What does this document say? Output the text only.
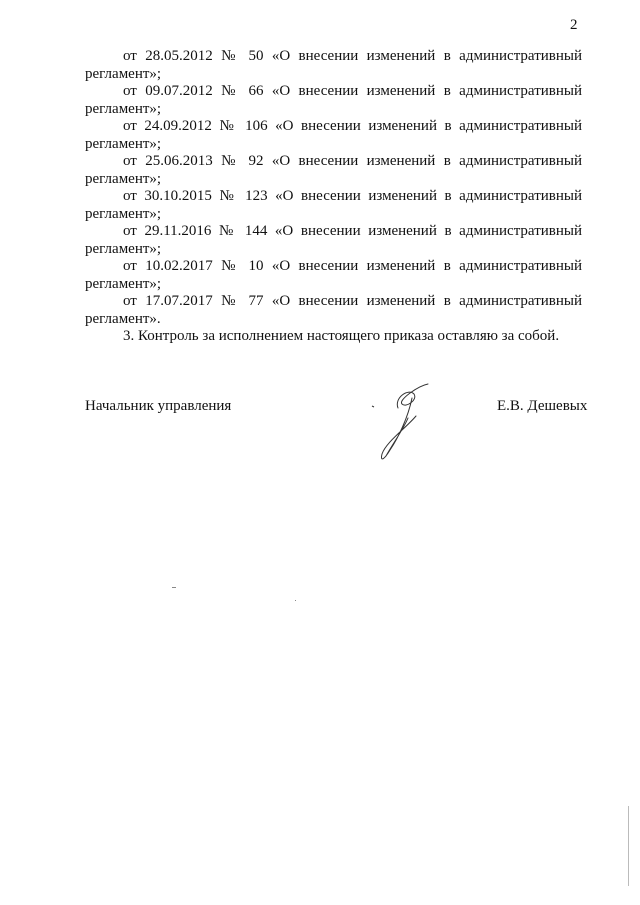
2
от 28.05.2012 № 50 «О внесении изменений в административный
регламент»;
от 09.07.2012 № 66 «О внесении изменений в административный
регламент»;
от 24.09.2012 № 106 «О внесении изменений в административный
регламент»;
от 25.06.2013 № 92 «О внесении изменений в административный
регламент»;
от 30.10.2015 № 123 «О внесении изменений в административный
регламент»;
от 29.11.2016 № 144 «О внесении изменений в административный
регламент»;
от 10.02.2017 № 10 «О внесении изменений в административный
регламент»;
от 17.07.2017 № 77 «О внесении изменений в административный
регламент».

3. Контроль за исполнением настоящего приказа оставляю за собой.

Начальник управления	Е.В. Дешевых
